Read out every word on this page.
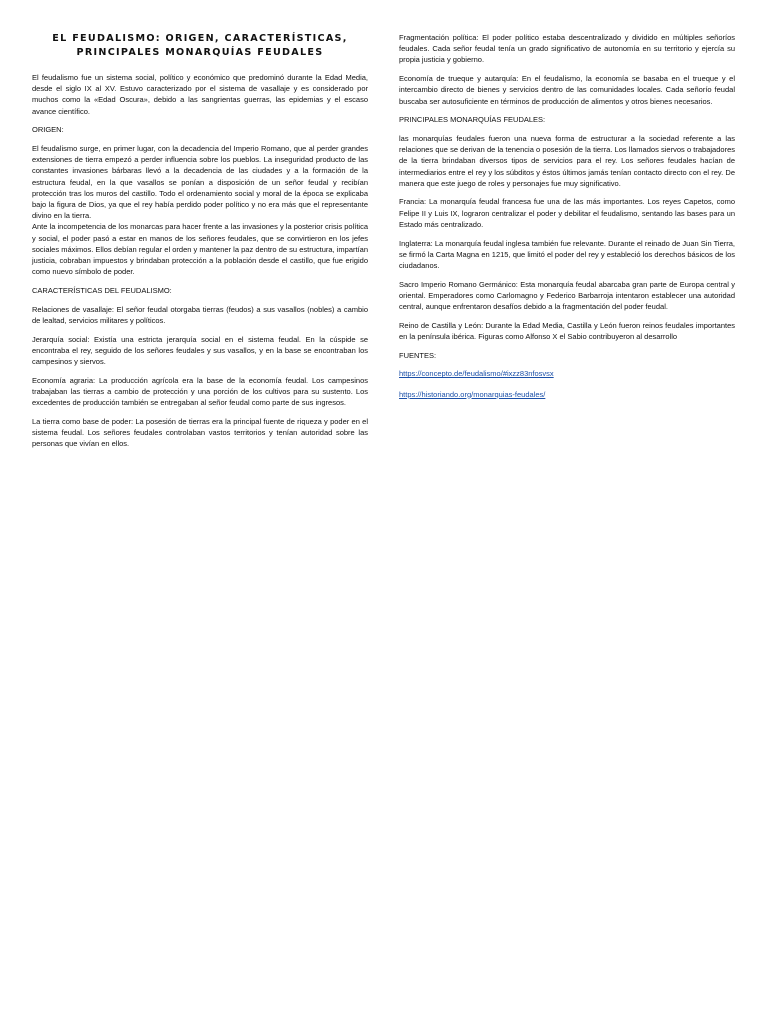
EL FEUDALISMO: ORIGEN, CARACTERÍSTICAS,
PRINCIPALES MONARQUÍAS FEUDALES

El feudalismo fue un sistema social, político y económico que predominó durante la Edad Media, desde el siglo IX al XV. Estuvo caracterizado por el sistema de vasallaje y es considerado por muchos como la «Edad Oscura», debido a las sangrientas guerras, las epidemias y el escaso avance científico.

ORIGEN:

El feudalismo surge, en primer lugar, con la decadencia del Imperio Romano, que al perder grandes extensiones de tierra empezó a perder influencia sobre los pueblos. La inseguridad producto de las constantes invasiones bárbaras llevó a la decadencia de las ciudades y a la formación de la estructura feudal, en la que vasallos se ponían a disposición de un señor feudal y recibían protección tras los muros del castillo. Todo el ordenamiento social y moral de la época se explicaba bajo la figura de Dios, ya que el rey había perdido poder político y no era más que el representante divino en la tierra.

Ante la incompetencia de los monarcas para hacer frente a las invasiones y la posterior crisis política y social, el poder pasó a estar en manos de los señores feudales, que se convirtieron en los jefes sociales máximos. Ellos debían regular el orden y mantener la paz dentro de su estructura, impartían justicia, cobraban impuestos y brindaban protección a la población desde el castillo, que fue erigido como nuevo símbolo de poder.

CARACTERÍSTICAS DEL FEUDALISMO:

Relaciones de vasallaje: El señor feudal otorgaba tierras (feudos) a sus vasallos (nobles) a cambio de lealtad, servicios militares y políticos.

Jerarquía social: Existía una estricta jerarquía social en el sistema feudal. En la cúspide se encontraba el rey, seguido de los señores feudales y sus vasallos, y en la base se encontraban los campesinos y siervos.

Economía agraria: La producción agrícola era la base de la economía feudal. Los campesinos trabajaban las tierras a cambio de protección y una porción de los cultivos para su sustento. Los excedentes de producción también se entregaban al señor feudal como parte de sus ingresos.

La tierra como base de poder: La posesión de tierras era la principal fuente de riqueza y poder en el sistema feudal. Los señores feudales controlaban vastos territorios y tenían autoridad sobre las personas que vivían en ellos.

Fragmentación política: El poder político estaba descentralizado y dividido en múltiples señoríos feudales. Cada señor feudal tenía un grado significativo de autonomía en su territorio y ejercía su propia justicia y gobierno.

Economía de trueque y autarquía: En el feudalismo, la economía se basaba en el trueque y el intercambio directo de bienes y servicios dentro de las comunidades locales. Cada señorío feudal buscaba ser autosuficiente en términos de producción de alimentos y otros bienes necesarios.

PRINCIPALES MONARQUÍAS FEUDALES:

las monarquías feudales fueron una nueva forma de estructurar a la sociedad referente a las relaciones que se derivan de la tenencia o posesión de la tierra. Los llamados siervos o trabajadores de la tierra brindaban diversos tipos de servicios para el rey. Los señores feudales hacían de intermediarios entre el rey y los súbditos y éstos últimos jamás tenían contacto directo con el rey. De manera que este juego de roles y personajes fue muy significativo.

Francia: La monarquía feudal francesa fue una de las más importantes. Los reyes Capetos, como Felipe II y Luis IX, lograron centralizar el poder y debilitar el feudalismo, sentando las bases para un Estado más centralizado.

Inglaterra: La monarquía feudal inglesa también fue relevante. Durante el reinado de Juan Sin Tierra, se firmó la Carta Magna en 1215, que limitó el poder del rey y estableció los derechos básicos de los ciudadanos.

Sacro Imperio Romano Germánico: Esta monarquía feudal abarcaba gran parte de Europa central y oriental. Emperadores como Carlomagno y Federico Barbarroja intentaron establecer una autoridad central, aunque enfrentaron desafíos debido a la fragmentación del poder feudal.

Reino de Castilla y León: Durante la Edad Media, Castilla y León fueron reinos feudales importantes en la península ibérica. Figuras como Alfonso X el Sabio contribuyeron al desarrollo

FUENTES:
https://concepto.de/feudalismo/#ixzz83nfosvsx
https://historiando.org/monarquias-feudales/
